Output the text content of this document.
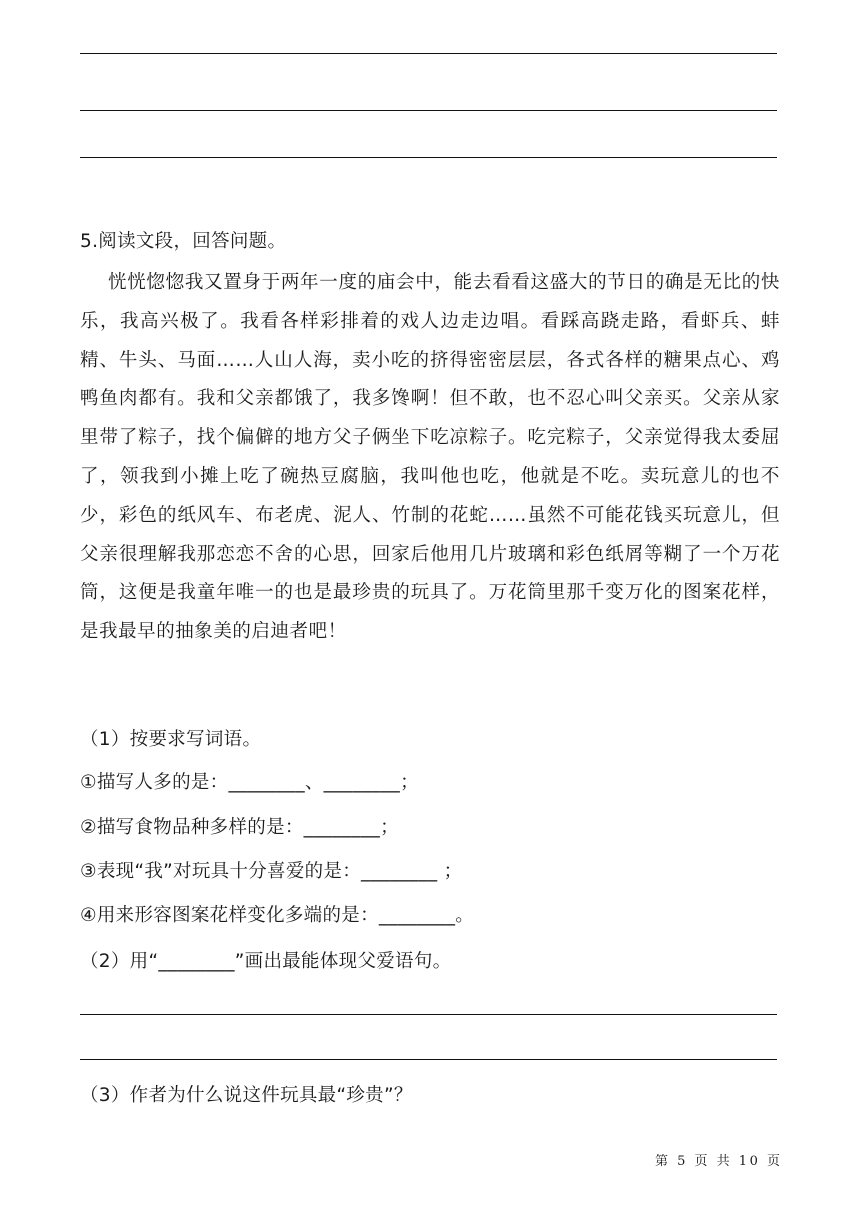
5.阅读文段，回答问题。

恍恍惚惚我又置身于两年一度的庙会中，能去看看这盛大的节日的确是无比的快乐，我高兴极了。我看各样彩排着的戏人边走边唱。看踩高跷走路，看虾兵、蚌精、牛头、马面……人山人海，卖小吃的挤得密密层层，各式各样的糖果点心、鸡鸭鱼肉都有。我和父亲都饿了，我多馋啊！但不敢，也不忍心叫父亲买。父亲从家里带了粽子，找个偏僻的地方父子俩坐下吃凉粽子。吃完粽子，父亲觉得我太委屈了，领我到小摊上吃了碗热豆腐脑，我叫他也吃，他就是不吃。卖玩意儿的也不少，彩色的纸风车、布老虎、泥人、竹制的花蛇……虽然不可能花钱买玩意儿，但父亲很理解我那恋恋不舍的心思，回家后他用几片玻璃和彩色纸屑等糊了一个万花筒，这便是我童年唯一的也是最珍贵的玩具了。万花筒里那千变万化的图案花样，是我最早的抽象美的启迪者吧！

（1）按要求写词语。
①描写人多的是：________、________；
②描写食物品种多样的是：________；
③表现“我”对玩具十分喜爱的是：________ ；
④用来形容图案花样变化多端的是：________。
（2）用“________”画出最能体现父爱语句。
（3）作者为什么说这件玩具最“珍贵”？
第 5 页 共 10 页
